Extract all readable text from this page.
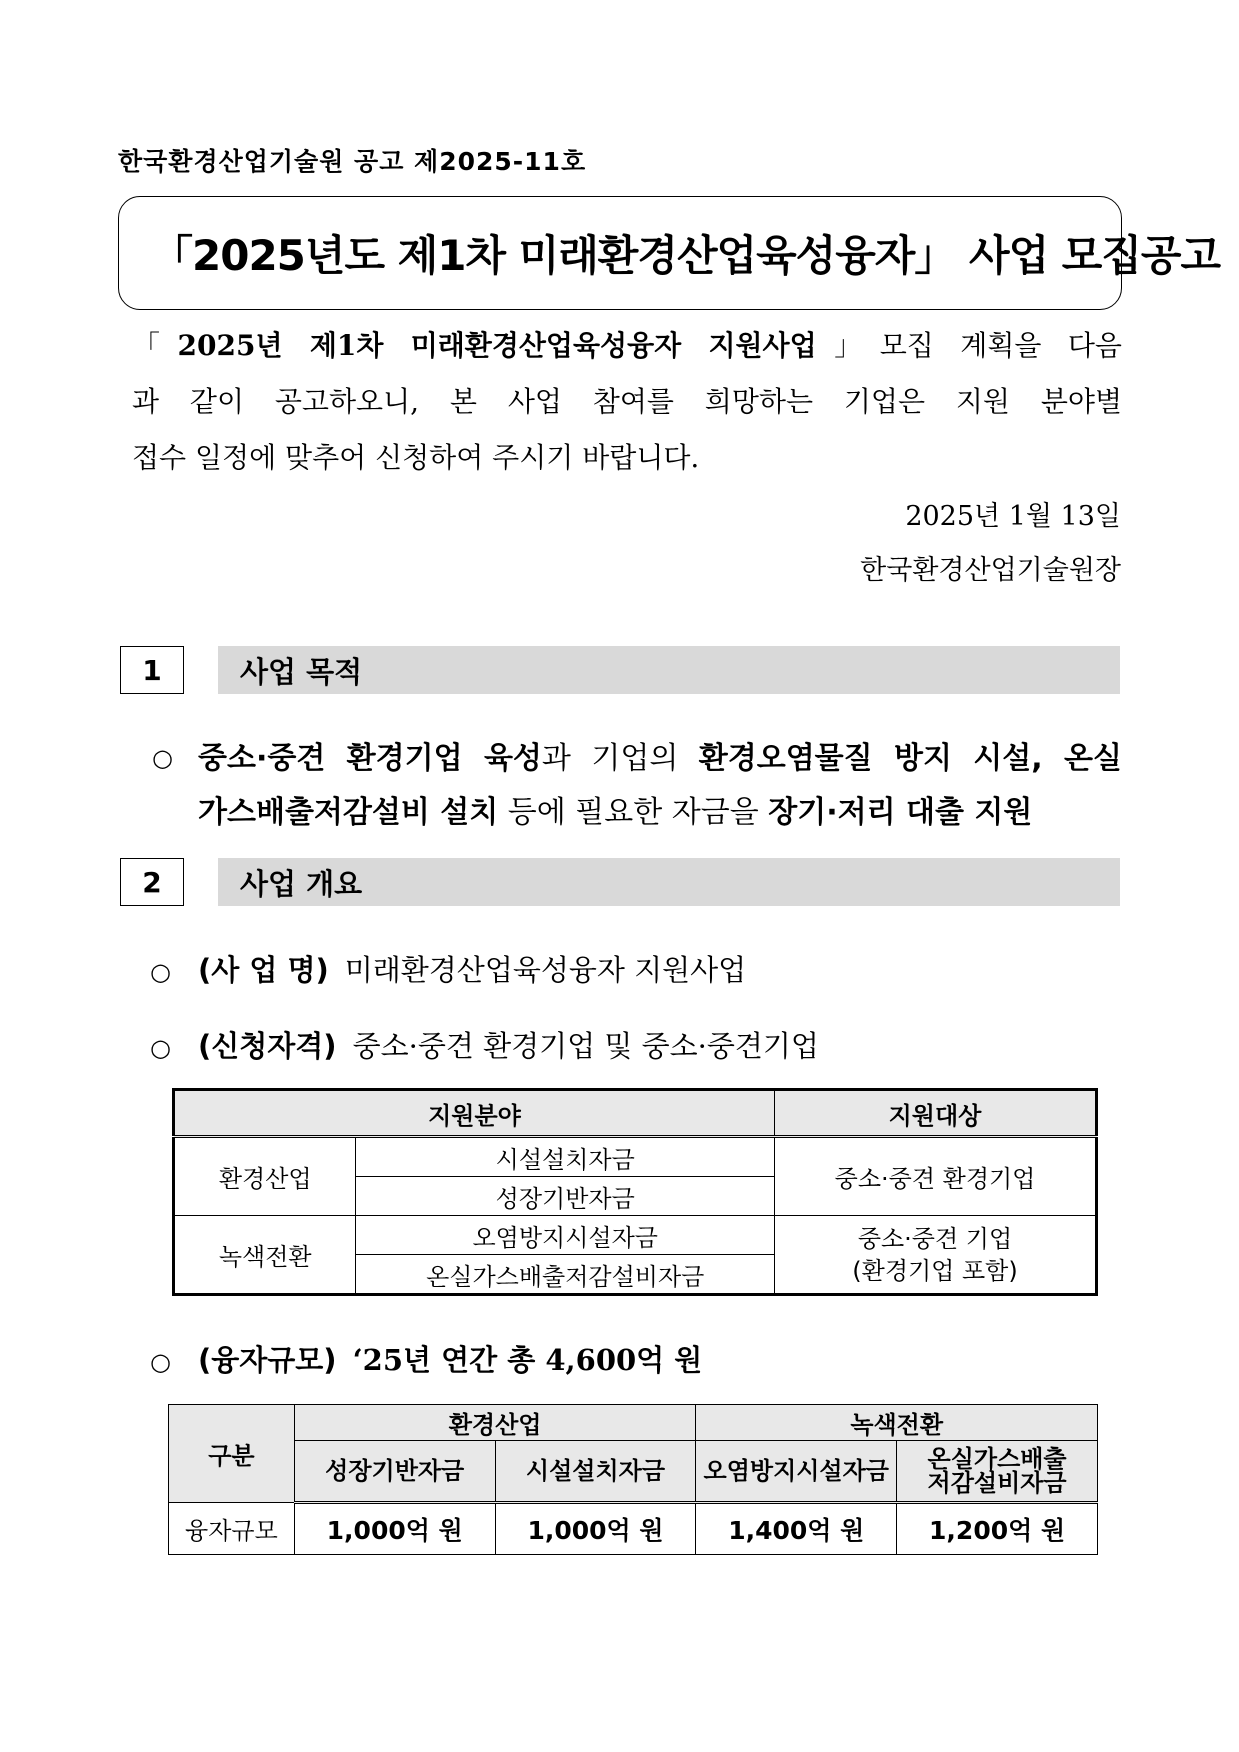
한국환경산업기술원 공고 제2025-11호
「2025년도 제1차 미래환경산업육성융자」 사업 모집공고
「2025년 제1차 미래환경산업육성융자 지원사업」모집 계획을 다음
과 같이 공고하오니, 본 사업 참여를 희망하는 기업은 지원 분야별
접수 일정에 맞추어 신청하여 주시기 바랍니다.
2025년 1월 13일
한국환경산업기술원장
1	사업 목적
○ 중소·중견 환경기업 육성과 기업의 환경오염물질 방지 시설, 온실
가스배출저감설비 설치 등에 필요한 자금을 장기·저리 대출 지원
2	사업 개요
○ (사 업 명) 미래환경산업육성융자 지원사업
○ (신청자격) 중소·중견 환경기업 및 중소·중견기업
지원분야		지원대상
환경산업	시설설치자금	중소·중견 환경기업
	성장기반자금	
녹색전환	오염방지시설자금	중소·중견 기업
(환경기업 포함)

	온실가스배출저감설비자금	
○ (융자규모) ‘25년 연간 총 4,600억 원
구분	환경산업		녹색전환	
	성장기반자금	시설설치자금	오염방지시설자금	온실가스배출
저감설비자금

융자규모	1,000억 원	1,000억 원	1,400억 원	1,200억 원
